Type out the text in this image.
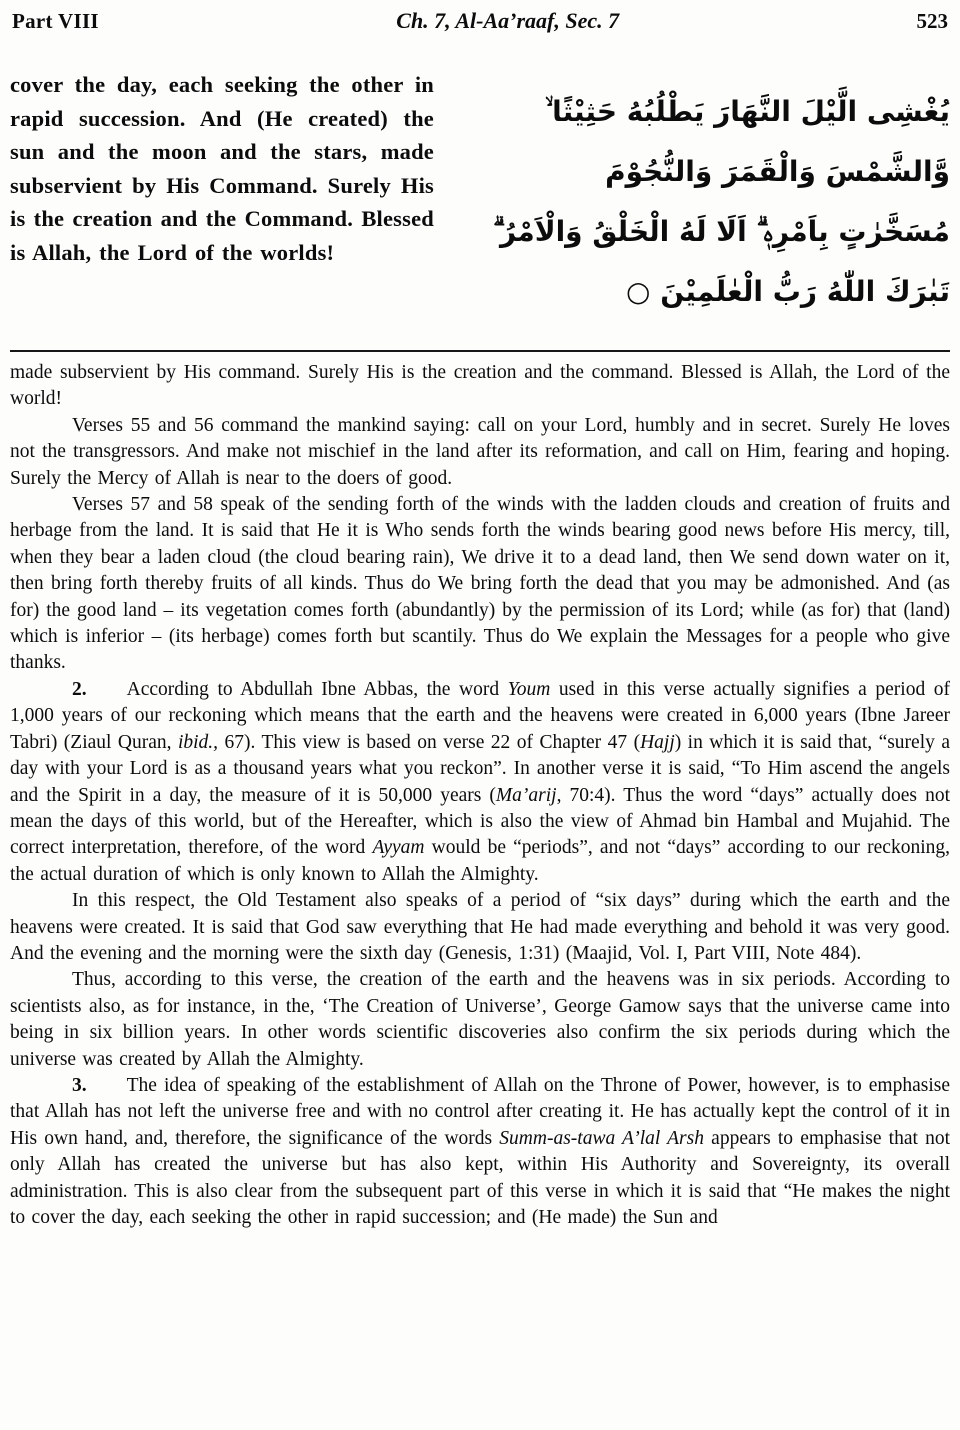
Part VIII	Ch. 7, Al-Aa’raaf, Sec. 7	523
cover the day, each seeking the other in rapid succession. And (He created) the sun and the moon and the stars, made subservient by His Command. Surely His is the creation and the Command. Blessed is Allah, the Lord of the worlds!
يُغْشِى الَّيْلَ النَّهَارَ يَطْلُبُهُ حَثِيْثًا ۙ
وَّالشَّمْسَ وَالْقَمَرَ وَالنُّجُوْمَ
مُسَخَّرٰتٍ بِاَمْرِهٖ ۗ اَلَا لَهُ الْخَلْقُ وَالْاَمْرُ ۗ
تَبٰرَكَ اللّٰهُ رَبُّ الْعٰلَمِيْنَ ○

made subservient by His command. Surely His is the creation and the command. Blessed is Allah, the Lord of the world!

Verses 55 and 56 command the mankind saying: call on your Lord, humbly and in secret. Surely He loves not the transgressors. And make not mischief in the land after its reformation, and call on Him, fearing and hoping. Surely the Mercy of Allah is near to the doers of good.

Verses 57 and 58 speak of the sending forth of the winds with the ladden clouds and creation of fruits and herbage from the land. It is said that He it is Who sends forth the winds bearing good news before His mercy, till, when they bear a laden cloud (the cloud bearing rain), We drive it to a dead land, then We send down water on it, then bring forth thereby fruits of all kinds. Thus do We bring forth the dead that you may be admonished. And (as for) the good land – its vegetation comes forth (abundantly) by the permission of its Lord; while (as for) that (land) which is inferior – (its herbage) comes forth but scantily. Thus do We explain the Messages for a people who give thanks.

2. According to Abdullah Ibne Abbas, the word Youm used in this verse actually signifies a period of 1,000 years of our reckoning which means that the earth and the heavens were created in 6,000 years (Ibne Jareer Tabri) (Ziaul Quran, ibid., 67). This view is based on verse 22 of Chapter 47 (Hajj) in which it is said that, “surely a day with your Lord is as a thousand years what you reckon”. In another verse it is said, “To Him ascend the angels and the Spirit in a day, the measure of it is 50,000 years (Ma’arij, 70:4). Thus the word “days” actually does not mean the days of this world, but of the Hereafter, which is also the view of Ahmad bin Hambal and Mujahid. The correct interpretation, therefore, of the word Ayyam would be “periods”, and not “days” according to our reckoning, the actual duration of which is only known to Allah the Almighty.

In this respect, the Old Testament also speaks of a period of “six days” during which the earth and the heavens were created. It is said that God saw everything that He had made everything and behold it was very good. And the evening and the morning were the sixth day (Genesis, 1:31) (Maajid, Vol. I, Part VIII, Note 484).

Thus, according to this verse, the creation of the earth and the heavens was in six periods. According to scientists also, as for instance, in the, ‘The Creation of Universe’, George Gamow says that the universe came into being in six billion years. In other words scientific discoveries also confirm the six periods during which the universe was created by Allah the Almighty.

3. The idea of speaking of the establishment of Allah on the Throne of Power, however, is to emphasise that Allah has not left the universe free and with no control after creating it. He has actually kept the control of it in His own hand, and, therefore, the significance of the words Summ-as-tawa A’lal Arsh appears to emphasise that not only Allah has created the universe but has also kept, within His Authority and Sovereignty, its overall administration. This is also clear from the subsequent part of this verse in which it is said that “He makes the night to cover the day, each seeking the other in rapid succession; and (He made) the Sun and
